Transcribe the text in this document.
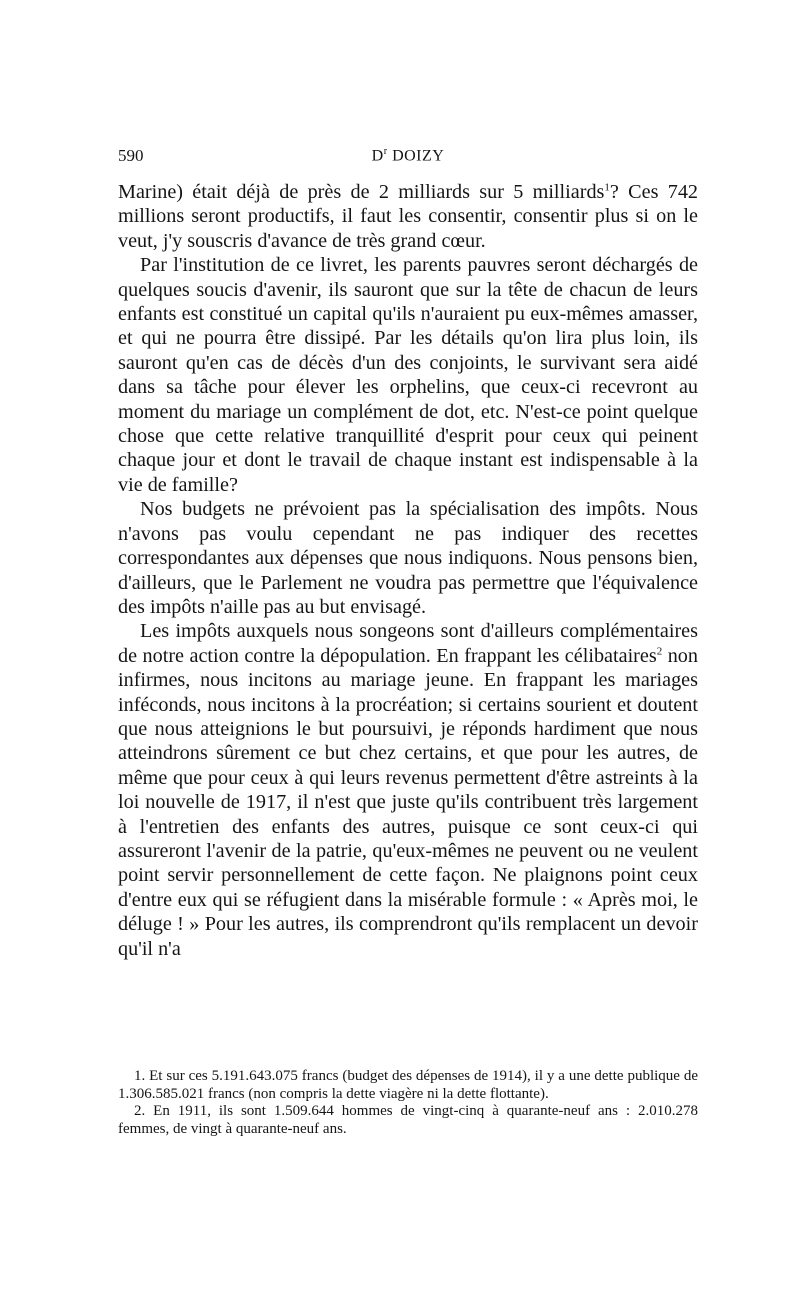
590	$D^r$ DOIZY

Marine) était déjà de près de 2 milliards sur 5 milliards$^1$? Ces 742 millions seront productifs, il faut les consentir, consentir plus si on le veut, j'y souscris d'avance de très grand cœur.

Par l'institution de ce livret, les parents pauvres seront déchargés de quelques soucis d'avenir, ils sauront que sur la tête de chacun de leurs enfants est constitué un capital qu'ils n'auraient pu eux-mêmes amasser, et qui ne pourra être dissipé. Par les détails qu'on lira plus loin, ils sauront qu'en cas de décès d'un des conjoints, le survivant sera aidé dans sa tâche pour élever les orphelins, que ceux-ci recevront au moment du mariage un complément de dot, etc. N'est-ce point quelque chose que cette relative tranquillité d'esprit pour ceux qui peinent chaque jour et dont le travail de chaque instant est indispensable à la vie de famille?

Nos budgets ne prévoient pas la spécialisation des impôts. Nous n'avons pas voulu cependant ne pas indiquer des recettes correspondantes aux dépenses que nous indiquons. Nous pensons bien, d'ailleurs, que le Parlement ne voudra pas permettre que l'équivalence des impôts n'aille pas au but envisagé.

Les impôts auxquels nous songeons sont d'ailleurs complémentaires de notre action contre la dépopulation. En frappant les célibataires$^2$ non infirmes, nous incitons au mariage jeune. En frappant les mariages inféconds, nous incitons à la procréation; si certains sourient et doutent que nous atteignions le but poursuivi, je réponds hardiment que nous atteindrons sûrement ce but chez certains, et que pour les autres, de même que pour ceux à qui leurs revenus permettent d'être astreints à la loi nouvelle de 1917, il n'est que juste qu'ils contribuent très largement à l'entretien des enfants des autres, puisque ce sont ceux-ci qui assureront l'avenir de la patrie, qu'eux-mêmes ne peuvent ou ne veulent point servir personnellement de cette façon. Ne plaignons point ceux d'entre eux qui se réfugient dans la misérable formule : « Après moi, le déluge ! » Pour les autres, ils comprendront qu'ils remplacent un devoir qu'il n'a

1. Et sur ces 5.191.643.075 francs (budget des dépenses de 1914), il y a une dette publique de 1.306.585.021 francs (non compris la dette viagère ni la dette flottante).

2. En 1911, ils sont 1.509.644 hommes de vingt-cinq à quarante-neuf ans : 2.010.278 femmes, de vingt à quarante-neuf ans.
